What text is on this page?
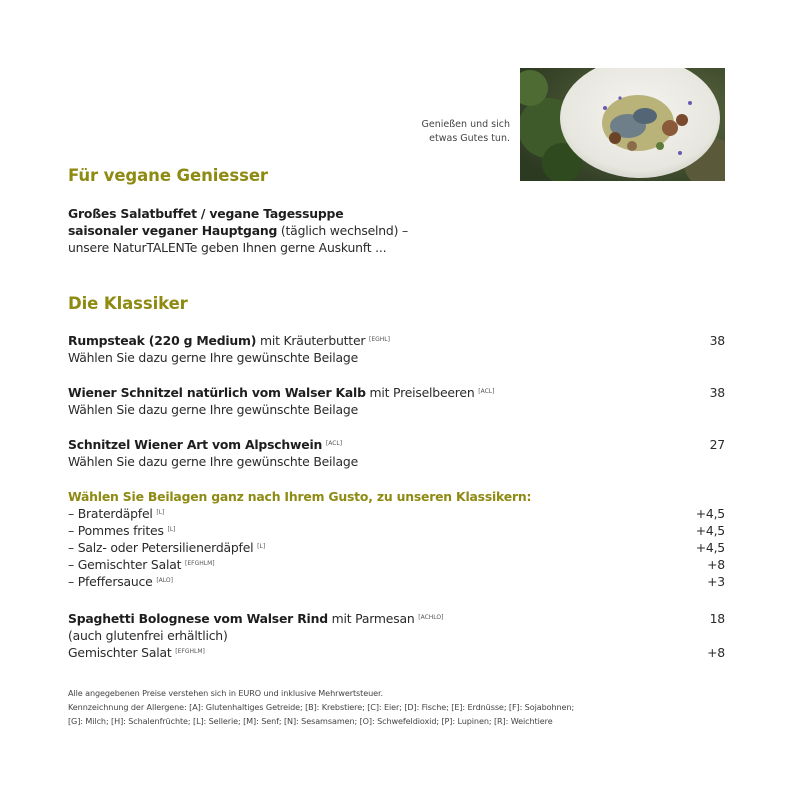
Genießen und sich
etwas Gutes tun.
Für vegane Geniesser
Großes Salatbuffet / vegane Tagessuppe
saisonaler veganer Hauptgang (täglich wechselnd) –
unsere NaturTALENTe geben Ihnen gerne Auskunft ...
Die Klassiker
Rumpsteak (220 g Medium) mit Kräuterbutter [EGHL]	38
Wählen Sie dazu gerne Ihre gewünschte Beilage
Wiener Schnitzel natürlich vom Walser Kalb mit Preiselbeeren [ACL]	38
Wählen Sie dazu gerne Ihre gewünschte Beilage
Schnitzel Wiener Art vom Alpschwein [ACL]	27
Wählen Sie dazu gerne Ihre gewünschte Beilage
Wählen Sie Beilagen ganz nach Ihrem Gusto, zu unseren Klassikern:
– Braterdäpfel [L]	+4,5
– Pommes frites [L]	+4,5
– Salz- oder Petersilienerdäpfel [L]	+4,5
– Gemischter Salat [EFGHLM]	+8
– Pfeffersauce [ALO]	+3
Spaghetti Bolognese vom Walser Rind mit Parmesan [ACHLO]	18
(auch glutenfrei erhältlich)
Gemischter Salat [EFGHLM]	+8
Alle angegebenen Preise verstehen sich in EURO und inklusive Mehrwertsteuer.
Kennzeichnung der Allergene: [A]: Glutenhaltiges Getreide; [B]: Krebstiere; [C]: Eier; [D]: Fische; [E]: Erdnüsse; [F]: Sojabohnen;
[G]: Milch; [H]: Schalenfrüchte; [L]: Sellerie; [M]: Senf; [N]: Sesamsamen; [O]: Schwefeldioxid; [P]: Lupinen; [R]: Weichtiere
